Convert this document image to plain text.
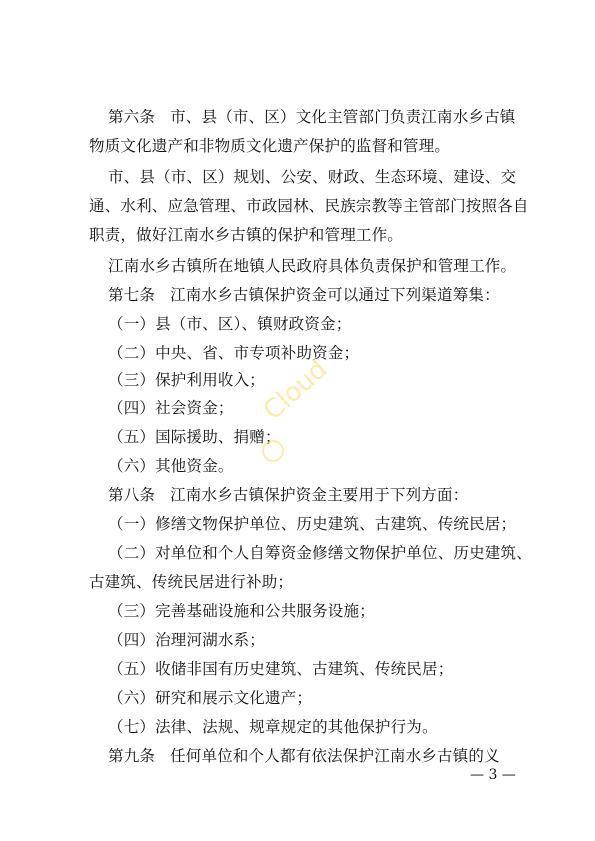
第六条 市、县（市、区）文化主管部门负责江南水乡古镇
物质文化遗产和非物质文化遗产保护的监督和管理。
市、县（市、区）规划、公安、财政、生态环境、建设、交
通、水利、应急管理、市政园林、民族宗教等主管部门按照各自
职责，做好江南水乡古镇的保护和管理工作。
江南水乡古镇所在地镇人民政府具体负责保护和管理工作。
第七条 江南水乡古镇保护资金可以通过下列渠道筹集：
（一）县（市、区）、镇财政资金；
（二）中央、省、市专项补助资金；
（三）保护利用收入；
（四）社会资金；
（五）国际援助、捐赠；
（六）其他资金。
第八条 江南水乡古镇保护资金主要用于下列方面：
（一）修缮文物保护单位、历史建筑、古建筑、传统民居；
（二）对单位和个人自筹资金修缮文物保护单位、历史建筑、
古建筑、传统民居进行补助；
（三）完善基础设施和公共服务设施；
（四）治理河湖水系；
（五）收储非国有历史建筑、古建筑、传统民居；
（六）研究和展示文化遗产；
（七）法律、法规、规章规定的其他保护行为。
第九条 任何单位和个人都有依法保护江南水乡古镇的义
— 3 —
Cloud
